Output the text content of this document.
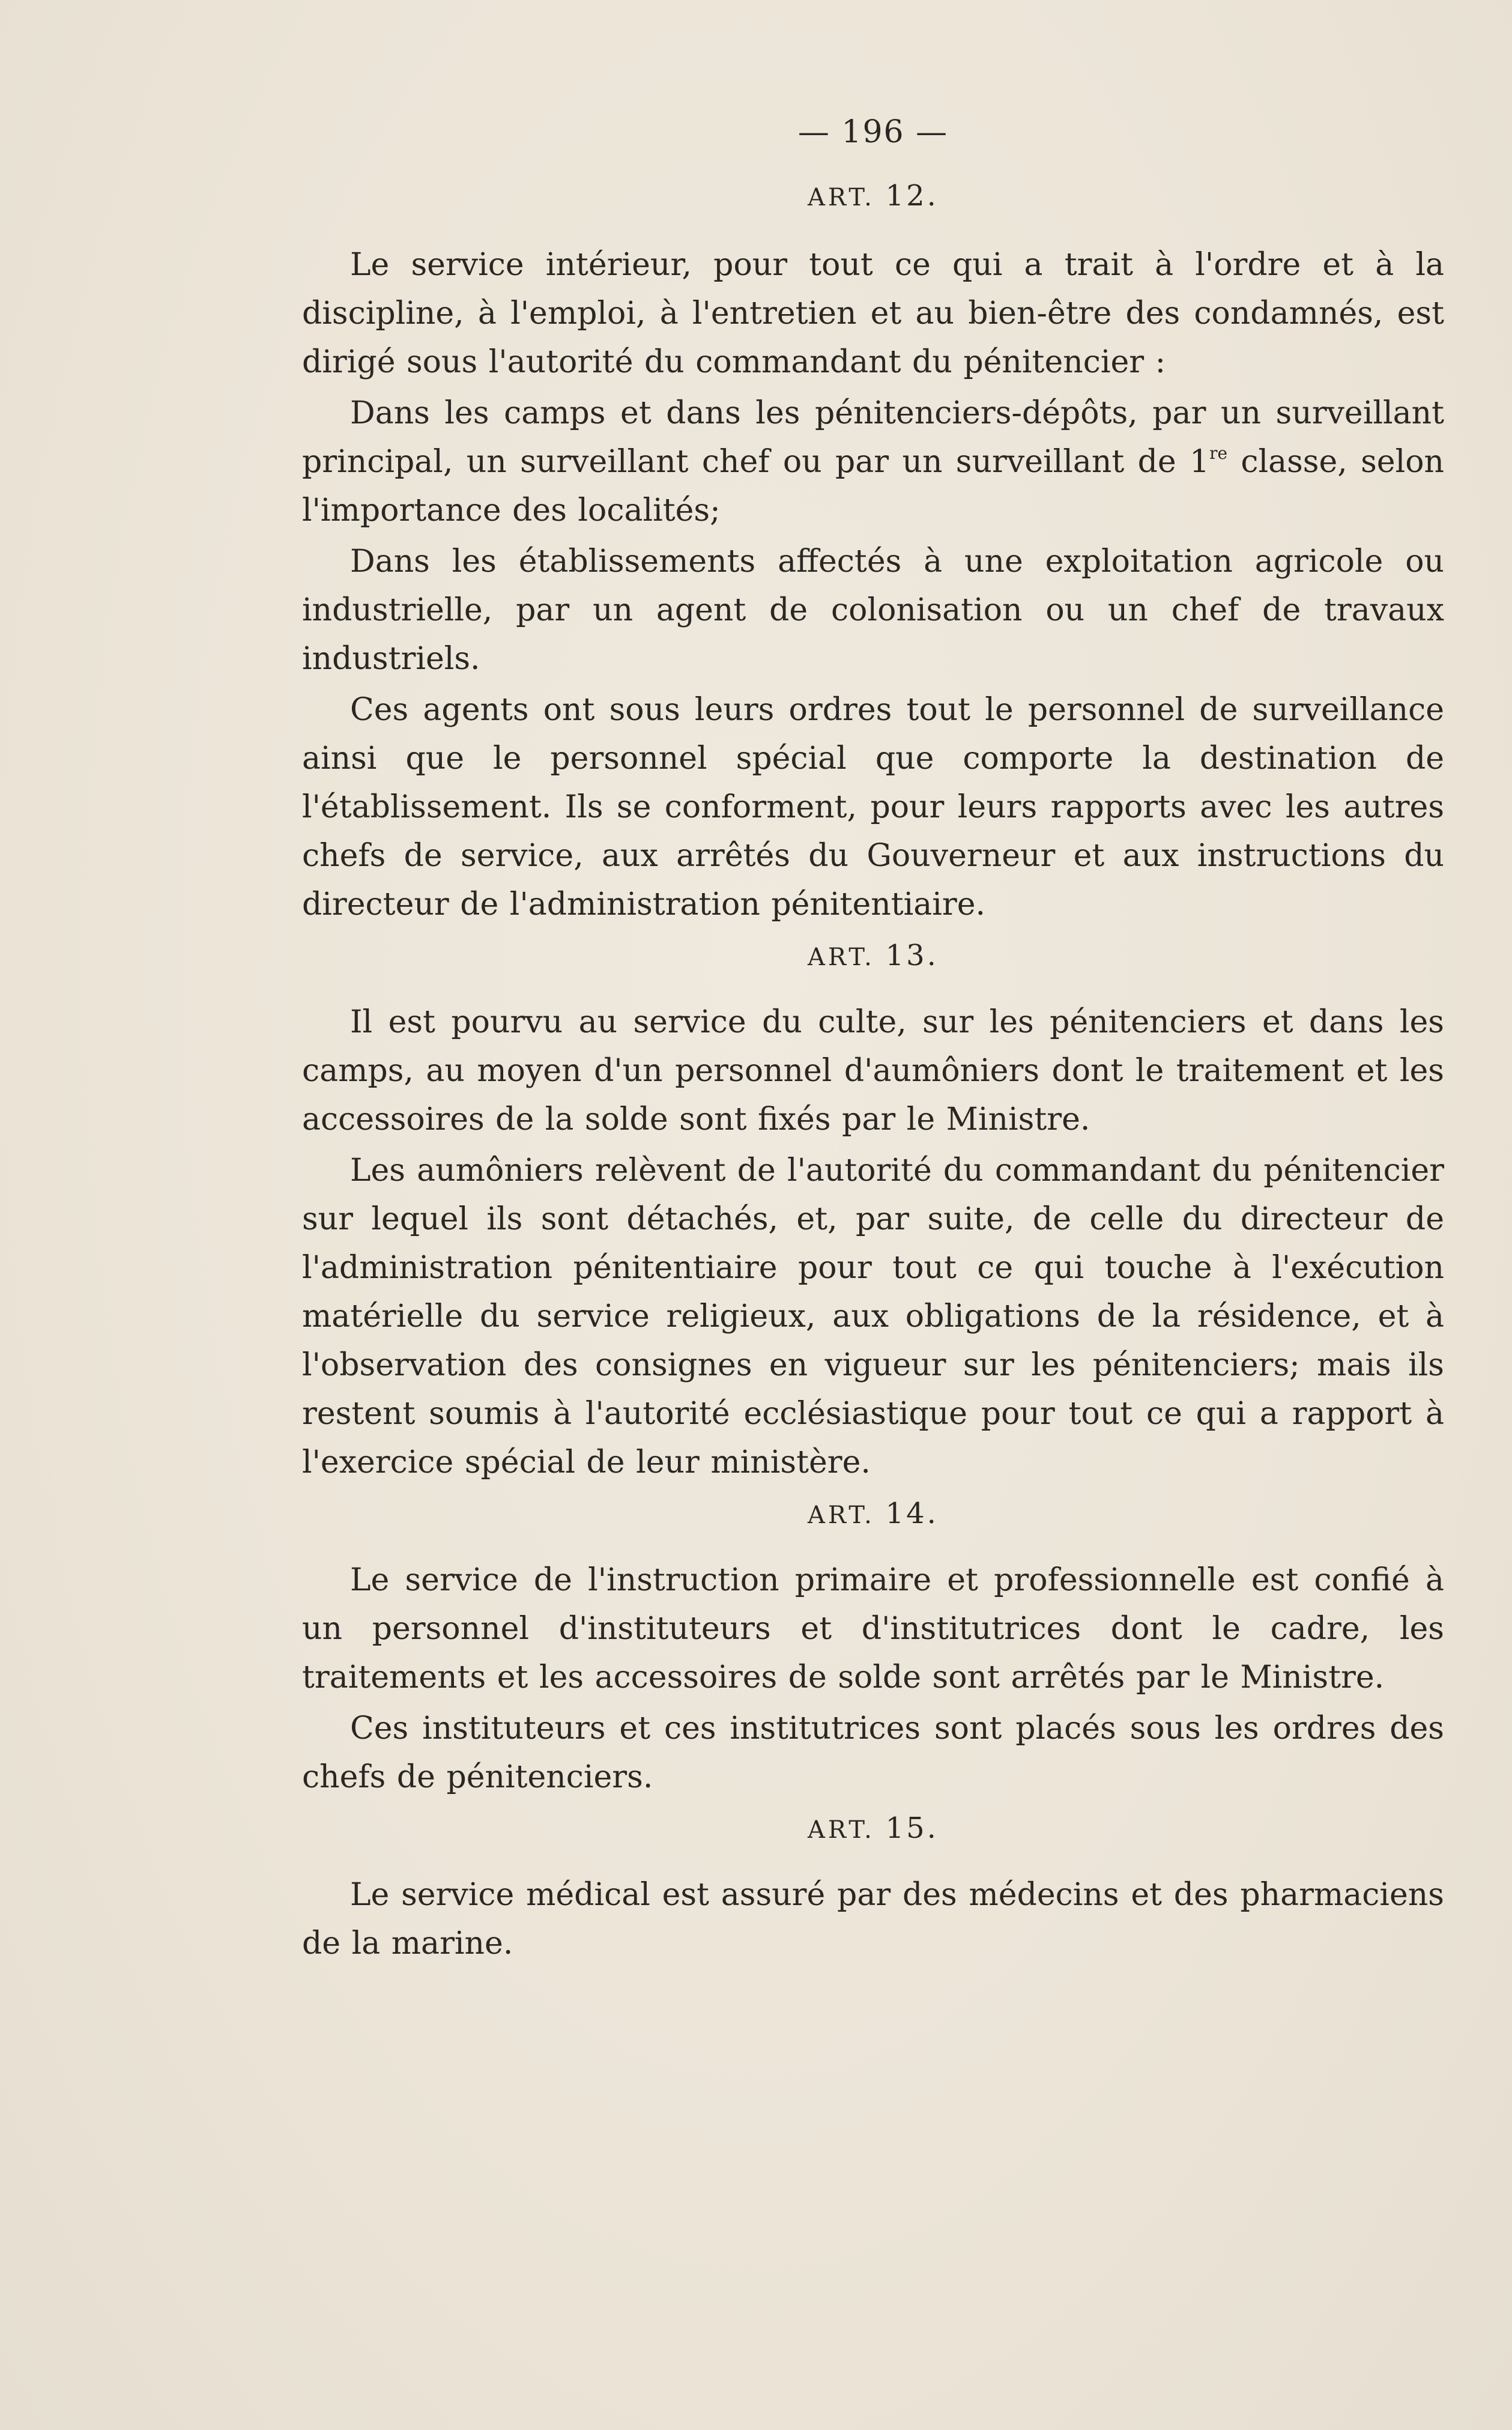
— 196 —
ART. 12.

Le service intérieur, pour tout ce qui a trait à l'ordre et à la discipline, à l'emploi, à l'entretien et au bien-être des condamnés, est dirigé sous l'autorité du commandant du pénitencier :

Dans les camps et dans les pénitenciers-dépôts, par un surveillant principal, un surveillant chef ou par un surveillant de 1re classe, selon l'importance des localités;

Dans les établissements affectés à une exploitation agricole ou industrielle, par un agent de colonisation ou un chef de travaux industriels.

Ces agents ont sous leurs ordres tout le personnel de surveillance ainsi que le personnel spécial que comporte la destination de l'établissement. Ils se conforment, pour leurs rapports avec les autres chefs de service, aux arrêtés du Gouverneur et aux instructions du directeur de l'administration pénitentiaire.

ART. 13.

Il est pourvu au service du culte, sur les pénitenciers et dans les camps, au moyen d'un personnel d'aumôniers dont le traitement et les accessoires de la solde sont fixés par le Ministre.

Les aumôniers relèvent de l'autorité du commandant du pénitencier sur lequel ils sont détachés, et, par suite, de celle du directeur de l'administration pénitentiaire pour tout ce qui touche à l'exécution matérielle du service religieux, aux obligations de la résidence, et à l'observation des consignes en vigueur sur les pénitenciers; mais ils restent soumis à l'autorité ecclésiastique pour tout ce qui a rapport à l'exercice spécial de leur ministère.

ART. 14.

Le service de l'instruction primaire et professionnelle est confié à un personnel d'instituteurs et d'institutrices dont le cadre, les traitements et les accessoires de solde sont arrêtés par le Ministre.

Ces instituteurs et ces institutrices sont placés sous les ordres des chefs de pénitenciers.

ART. 15.

Le service médical est assuré par des médecins et des pharmaciens de la marine.
